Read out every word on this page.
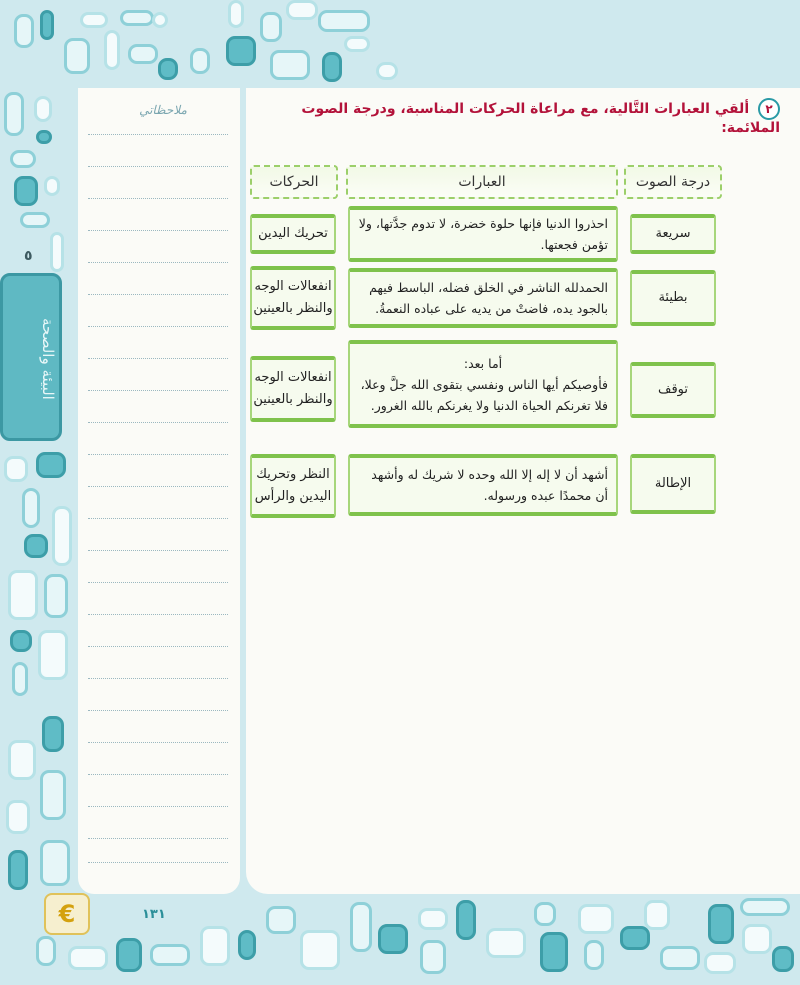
٥
البيئة والصحة
ملاحظاتي	٢ ألقي العبارات التَّالية، مع مراعاة الحركات المناسبة، ودرجة الصوت الملائمة:
درجة الصوت
العبارات
الحركات
سريعة
احذروا الدنيا فإنها حلوة خضرة، لا تدوم جدَّتها، ولا تؤمن فجعتها.
تحريك اليدين
بطيئة
الحمدلله الناشر في الخلق فضله، الباسط فيهم بالجود يده، فاضتْ من يديه على عباده النعمةُ.
انفعالات الوجه والنظر بالعينين
توقف
أما بعد:
فأوصيكم أيها الناس ونفسي بتقوى الله جلَّ وعلا، فلا تغرنكم الحياة الدنيا ولا يغرنكم بالله الغرور.
انفعالات الوجه والنظر بالعينين
الإطالة
أشهد أن لا إله إلا الله وحده لا شريك له وأشهد أن محمدًا عبده ورسوله.
النظر وتحريك اليدين والرأس
€	١٣١
